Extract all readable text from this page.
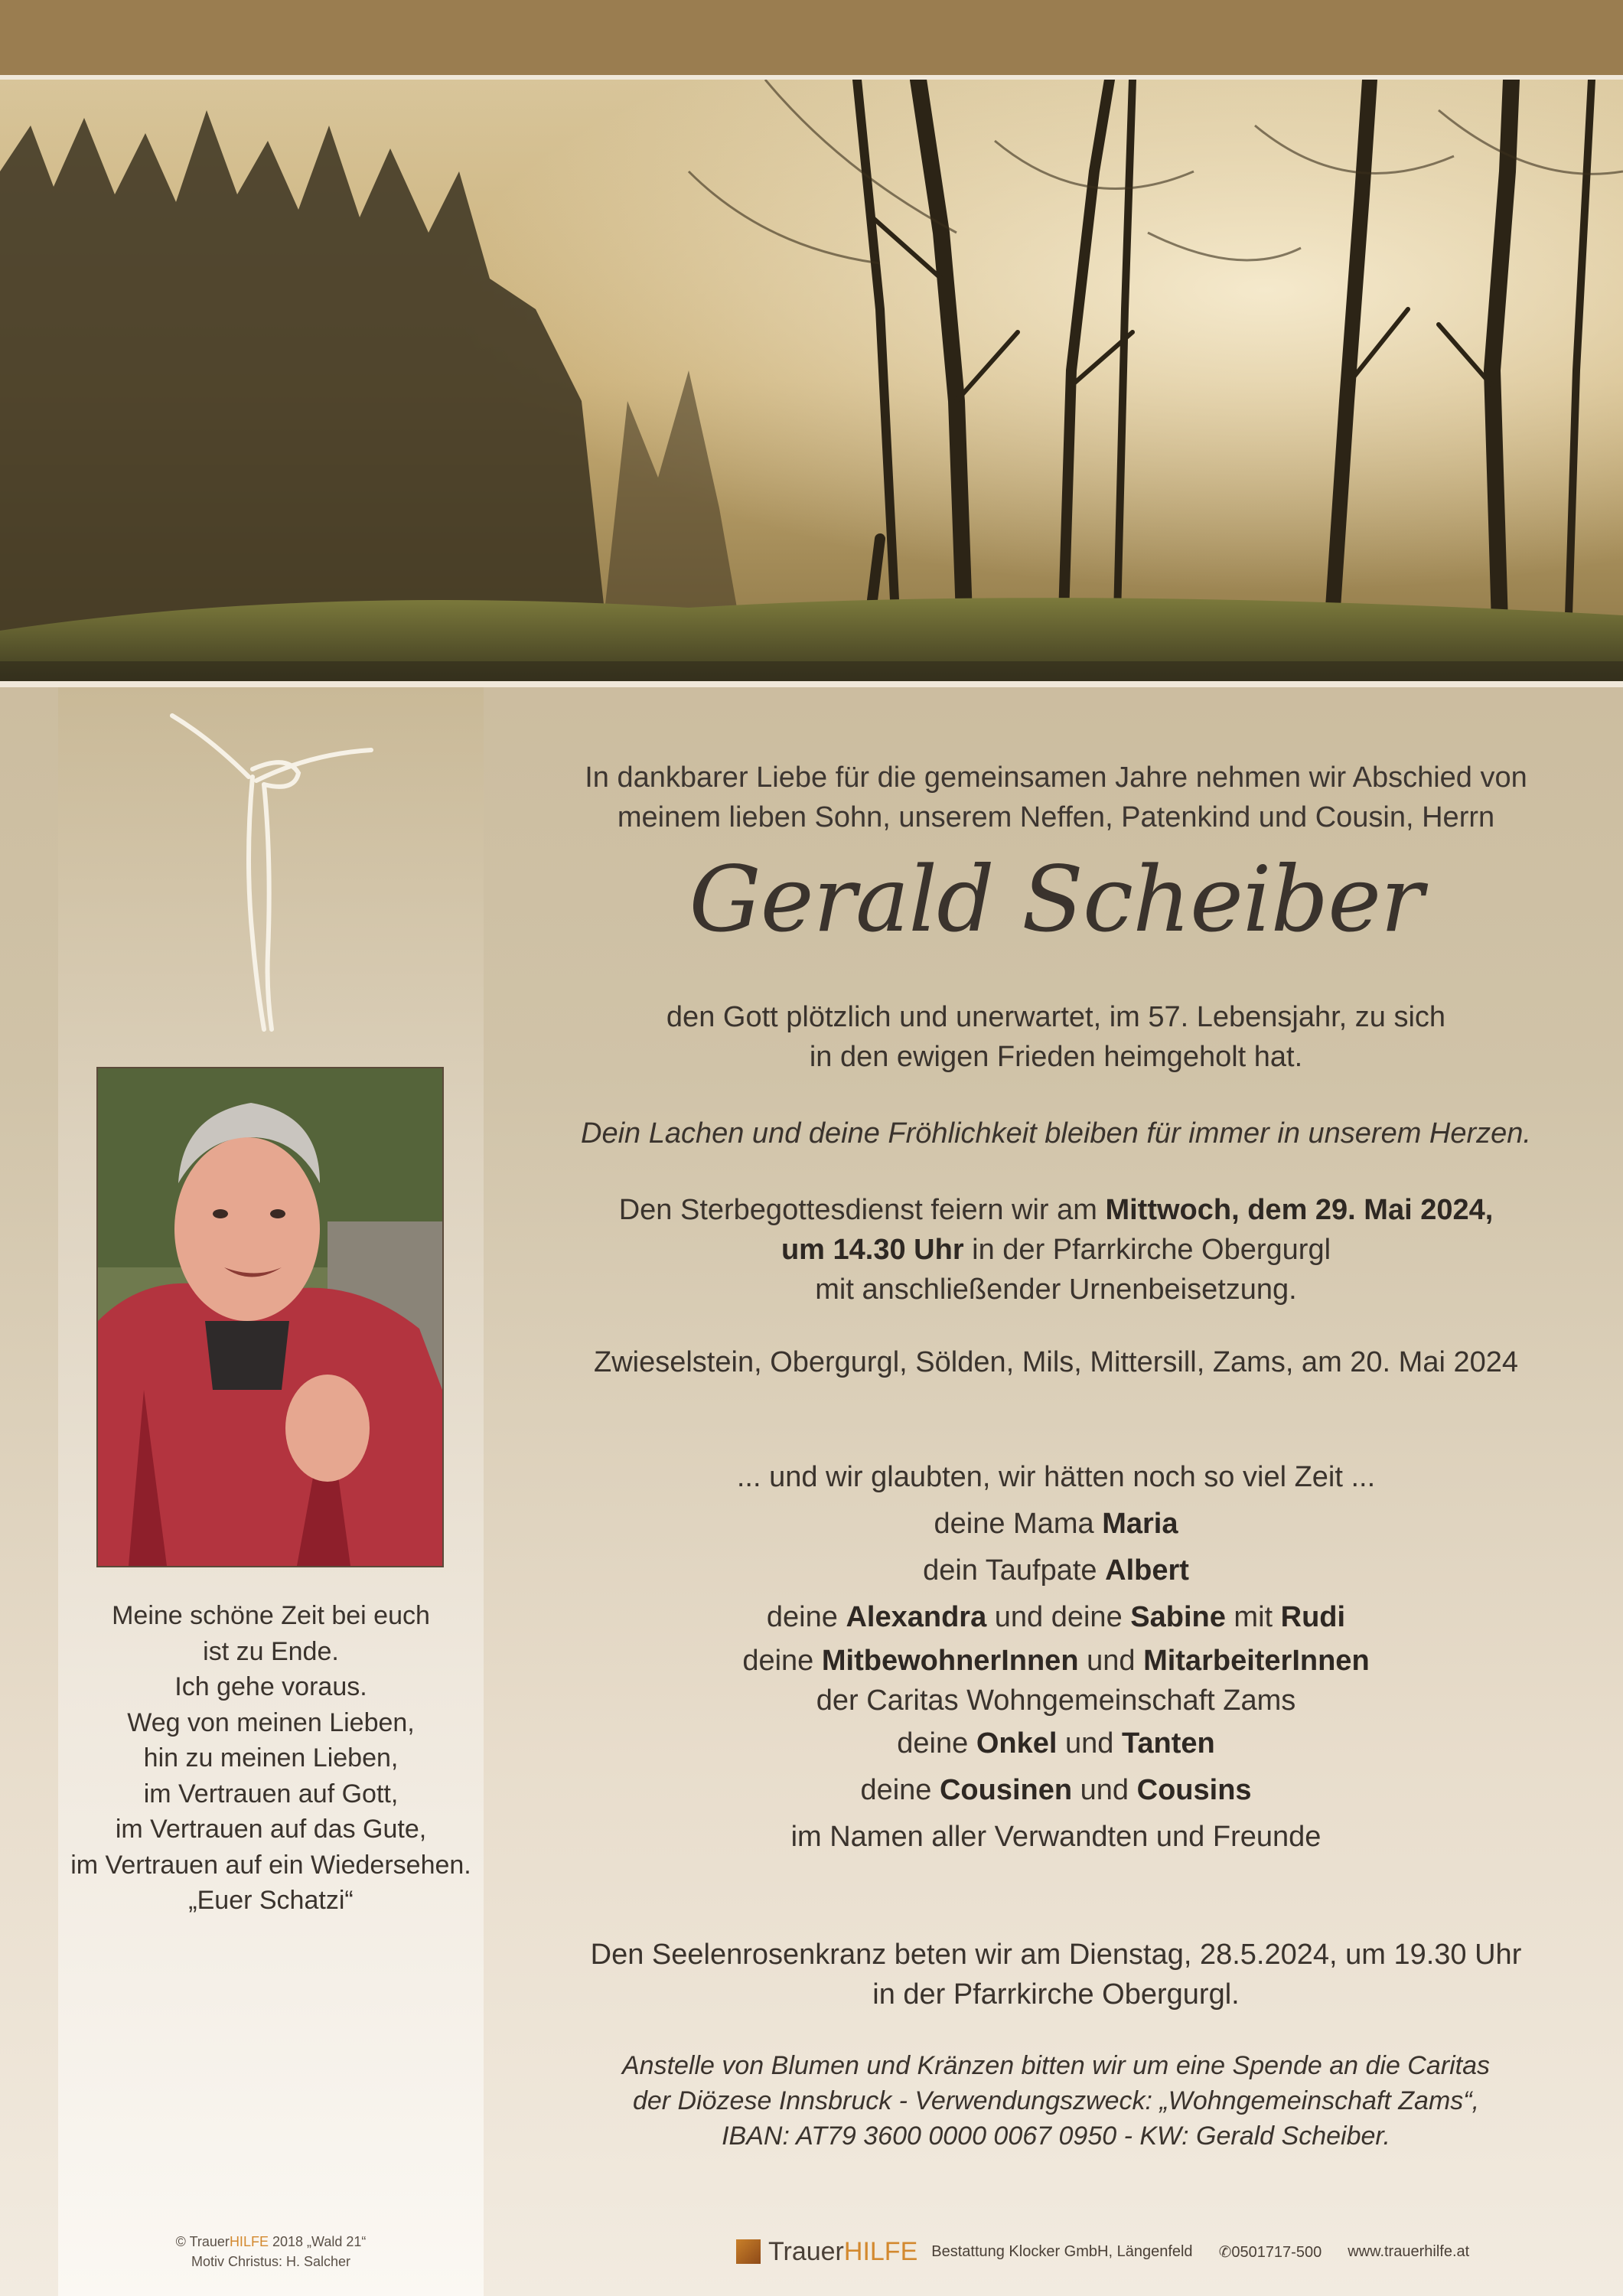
Meine schöne Zeit bei euch
ist zu Ende.
Ich gehe voraus.
Weg von meinen Lieben,
hin zu meinen Lieben,
im Vertrauen auf Gott,
im Vertrauen auf das Gute,
im Vertrauen auf ein Wiedersehen.
„Euer Schatzi“
© TrauerHILFE 2018 „Wald 21“
Motiv Christus: H. Salcher

In dankbarer Liebe für die gemeinsamen Jahre nehmen wir Abschied von

meinem lieben Sohn, unserem Neffen, Patenkind und Cousin, Herrn

Gerald Scheiber
den Gott plötzlich und unerwartet, im 57. Lebensjahr, zu sich
in den ewigen Frieden heimgeholt hat.
Dein Lachen und deine Fröhlichkeit bleiben für immer in unserem Herzen.
Den Sterbegottesdienst feiern wir am Mittwoch, dem 29. Mai 2024,
um 14.30 Uhr in der Pfarrkirche Obergurgl
mit anschließender Urnenbeisetzung.
Zwieselstein, Obergurgl, Sölden, Mils, Mittersill, Zams, am 20. Mai 2024
... und wir glaubten, wir hätten noch so viel Zeit ...
deine Mama Maria
dein Taufpate Albert
deine Alexandra und deine Sabine mit Rudi
deine MitbewohnerInnen und MitarbeiterInnen
der Caritas Wohngemeinschaft Zams
deine Onkel und Tanten
deine Cousinen und Cousins
im Namen aller Verwandten und Freunde
Den Seelenrosenkranz beten wir am Dienstag, 28.5.2024, um 19.30 Uhr
in der Pfarrkirche Obergurgl.
Anstelle von Blumen und Kränzen bitten wir um eine Spende an die Caritas
der Diözese Innsbruck - Verwendungszweck: „Wohngemeinschaft Zams“,
IBAN: AT79 3600 0000 0067 0950 - KW: Gerald Scheiber.
TrauerHILFE Bestattung Klocker GmbH, Längenfeld ✆0501717-500 www.trauerhilfe.at
